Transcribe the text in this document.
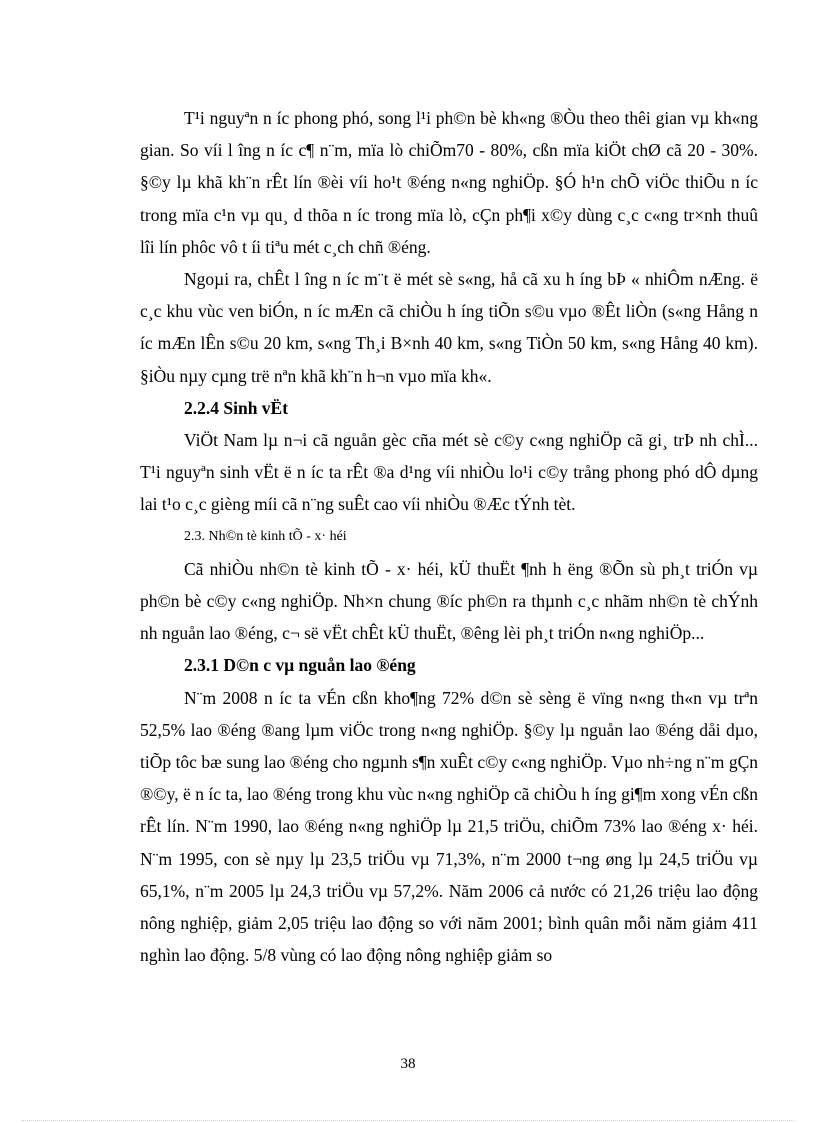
T¹i nguyªn n íc phong phó, song l¹i ph©n bè kh«ng ®Òu theo thêi gian vµ kh«ng gian. So víi l îng n íc c¶ n¨m, mïa lò chiÕm70 - 80%, cßn mïa kiÖt chØ cã 20 - 30%. §©y lµ khã kh¨n rÊt lín ®èi víi ho¹t ®éng n«ng nghiÖp. §Ó h¹n chÕ viÖc thiÕu n íc trong mïa c¹n vµ qu¸ d thõa n íc trong mïa lò, cÇn ph¶i x©y dùng c¸c c«ng tr×nh thuû lîi lín phôc vô t íi tiªu mét c¸ch chñ ®éng.

Ngoµi ra, chÊt l îng n íc m¨t ë mét sè s«ng, hå cã xu h íng bÞ « nhiÔm nÆng. ë c¸c khu vùc ven biÓn, n íc mÆn cã chiÒu h íng tiÕn s©u vµo ®Êt liÒn (s«ng Hång n íc mÆn lÊn s©u 20 km, s«ng Th¸i B×nh 40 km, s«ng TiÒn 50 km, s«ng Hång 40 km). §iÒu nµy cµng trë nªn khã kh¨n h¬n vµo mïa kh«.

2.2.4 Sinh vËt

ViÖt Nam lµ n¬i cã nguån gèc cña mét sè c©y c«ng nghiÖp cã gi¸ trÞ nh chÌ... T¹i nguyªn sinh vËt ë n íc ta rÊt ®a d¹ng víi nhiÒu lo¹i c©y trång phong phó dÔ dµng lai t¹o c¸c gièng míi cã n¨ng suÊt cao víi nhiÒu ®Æc tÝnh tèt.

2.3. Nh©n tè kinh tÕ - x· héi

Cã nhiÒu nh©n tè kinh tÕ - x· héi, kÜ thuËt ¶nh h ëng ®Õn sù ph¸t triÓn vµ ph©n bè c©y c«ng nghiÖp. Nh×n chung ®íc ph©n ra thµnh c¸c nhãm nh©n tè chÝnh nh nguån lao ®éng, c¬ së vËt chÊt kÜ thuËt, ®êng lèi ph¸t triÓn n«ng nghiÖp...

2.3.1 D©n c vµ nguån lao ®éng

N¨m 2008 n íc ta vÉn cßn kho¶ng 72% d©n sè sèng ë vïng n«ng th«n vµ trªn 52,5% lao ®éng ®ang lµm viÖc trong n«ng nghiÖp. §©y lµ nguån lao ®éng dåi dµo, tiÕp tôc bæ sung lao ®éng cho ngµnh s¶n xuÊt c©y c«ng nghiÖp. Vµo nh÷ng n¨m gÇn ®©y, ë n íc ta, lao ®éng trong khu vùc n«ng nghiÖp cã chiÒu h íng gi¶m xong vÉn cßn rÊt lín. N¨m 1990, lao ®éng n«ng nghiÖp lµ 21,5 triÖu, chiÕm 73% lao ®éng x· héi. N¨m 1995, con sè nµy lµ 23,5 triÖu vµ 71,3%, n¨m 2000 t¬ng øng lµ 24,5 triÖu vµ 65,1%, n¨m 2005 lµ 24,3 triÖu vµ 57,2%. Năm 2006 cả nước có 21,26 triệu lao động nông nghiệp, giảm 2,05 triệu lao động so với năm 2001; bình quân mỗi năm giảm 411 nghìn lao động. 5/8 vùng có lao động nông nghiệp giảm so

38
